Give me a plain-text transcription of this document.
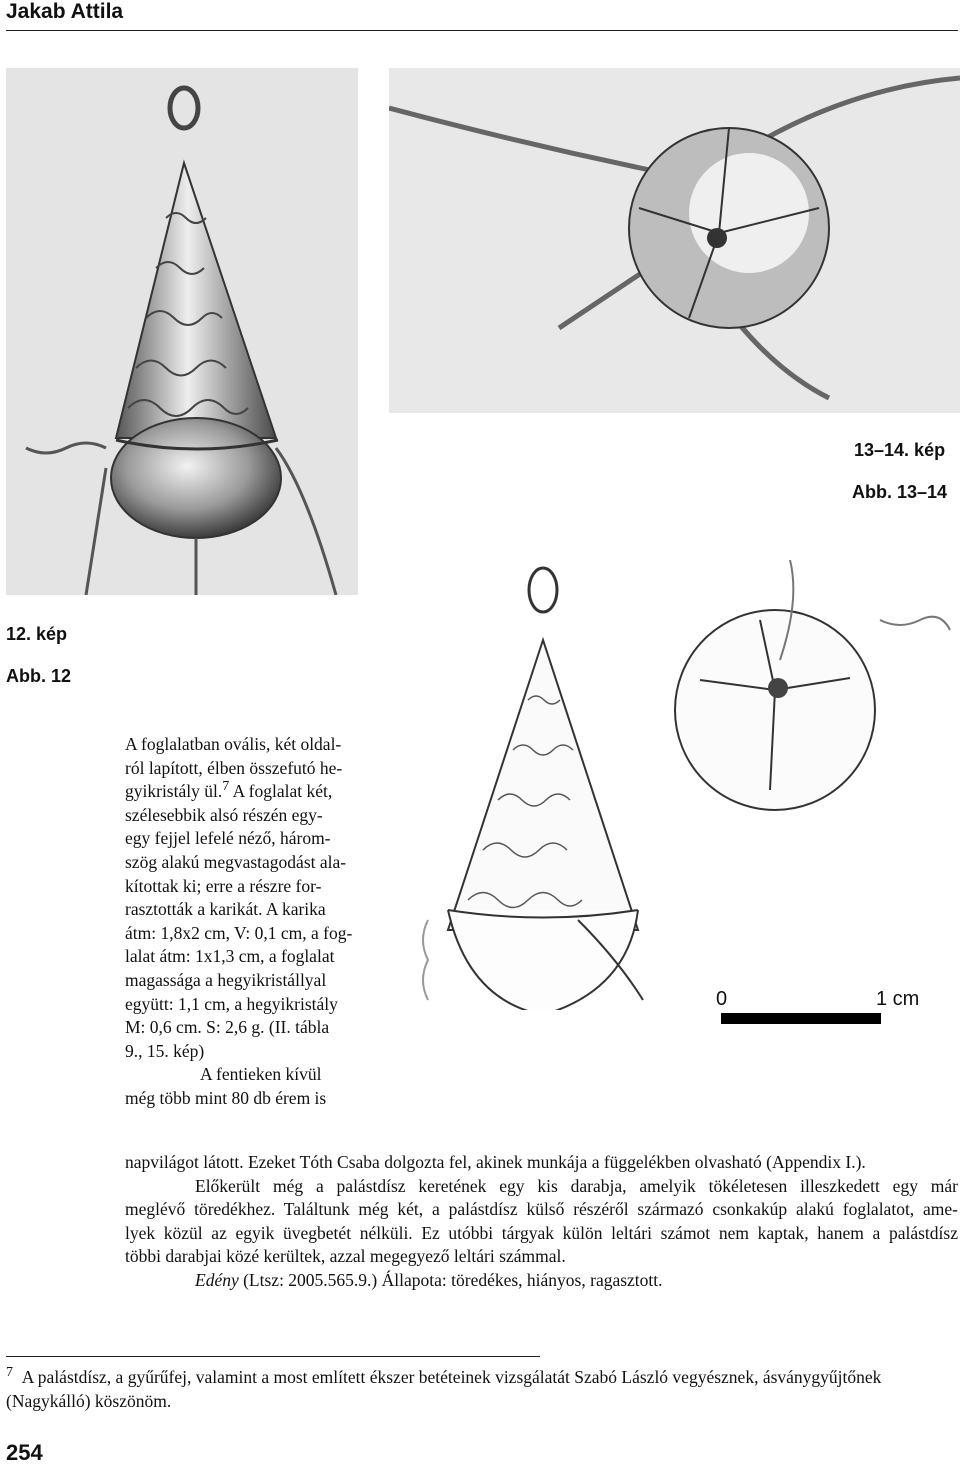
Jakab Attila
13–14. kép
Abb. 13–14
12. kép
Abb. 12
0	1 cm
A foglalatban ovális, két oldal-
ról lapított, élben összefutó he-
gyikristály ül.$^7$ A foglalat két,
szélesebbik alsó részén egy-
egy fejjel lefelé néző, három-
szög alakú megvastagodást ala-
kítottak ki; erre a részre for-
rasztották a karikát. A karika
átm: 1,8x2 cm, V: 0,1 cm, a fog-
lalat átm: 1x1,3 cm, a foglalat
magassága a hegyikristállyal
együtt: 1,1 cm, a hegyikristály
M: 0,6 cm. S: 2,6 g. (II. tábla
9., 15. kép)
A fentieken kívül
még több mint 80 db érem is
napvilágot látott. Ezeket Tóth Csaba dolgozta fel, akinek munkája a függelékben olvasható (Appendix I.).
Előkerült még a palástdísz keretének egy kis darabja, amelyik tökéletesen illeszkedett egy már
meglévő töredékhez. Találtunk még két, a palástdísz külső részéről származó csonkakúp alakú foglalatot, ame-
lyek közül az egyik üvegbetét nélküli. Ez utóbbi tárgyak külön leltári számot nem kaptak, hanem a palástdísz
többi darabjai közé kerültek, azzal megegyező leltári számmal.
Edény (Ltsz: 2005.565.9.) Állapota: töredékes, hiányos, ragasztott.
$^7$ A palástdísz, a gyűrűfej, valamint a most említett ékszer betéteinek vizsgálatát Szabó László vegyésznek, ásványgyűjtőnek (Nagykálló) köszönöm.
254
